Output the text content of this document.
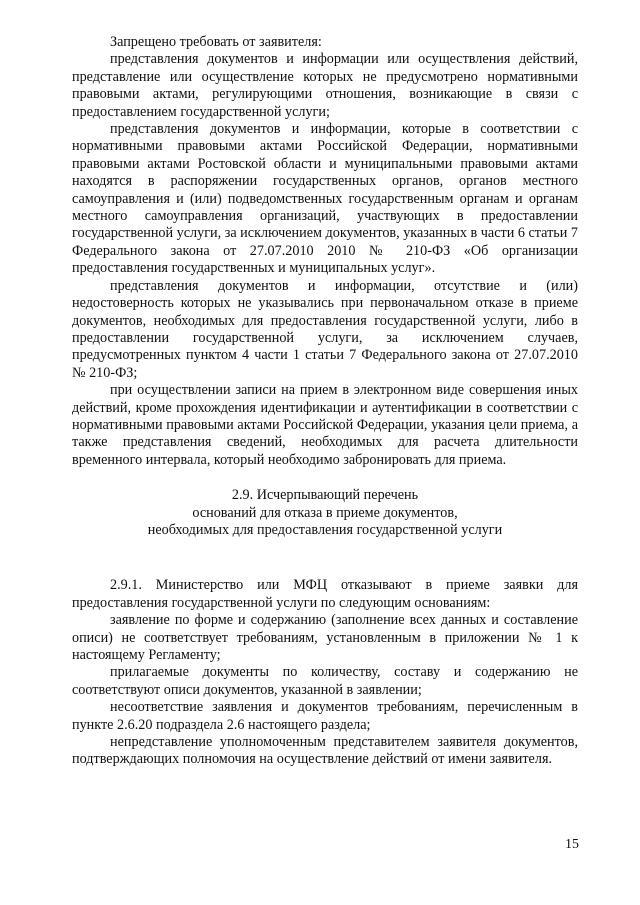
Запрещено требовать от заявителя:

представления документов и информации или осуществления действий, представление или осуществление которых не предусмотрено нормативными правовыми актами, регулирующими отношения, возникающие в связи с предоставлением государственной услуги;

представления документов и информации, которые в соответствии с нормативными правовыми актами Российской Федерации, нормативными правовыми актами Ростовской области и муниципальными правовыми актами находятся в распоряжении государственных органов, органов местного самоуправления и (или) подведомственных государственным органам и органам местного самоуправления организаций, участвующих в предоставлении государственной услуги, за исключением документов, указанных в части 6 статьи 7 Федерального закона от 27.07.2010 2010 № 210-ФЗ «Об организации предоставления государственных и муниципальных услуг».

представления документов и информации, отсутствие и (или) недостоверность которых не указывались при первоначальном отказе в приеме документов, необходимых для предоставления государственной услуги, либо в предоставлении государственной услуги, за исключением случаев, предусмотренных пунктом 4 части 1 статьи 7 Федерального закона от 27.07.2010 № 210-ФЗ;

при осуществлении записи на прием в электронном виде совершения иных действий, кроме прохождения идентификации и аутентификации в соответствии с нормативными правовыми актами Российской Федерации, указания цели приема, а также представления сведений, необходимых для расчета длительности временного интервала, который необходимо забронировать для приема.

2.9. Исчерпывающий перечень
оснований для отказа в приеме документов,
необходимых для предоставления государственной услуги

2.9.1. Министерство или МФЦ отказывают в приеме заявки для предоставления государственной услуги по следующим основаниям:

заявление по форме и содержанию (заполнение всех данных и составление описи) не соответствует требованиям, установленным в приложении № 1 к настоящему Регламенту;

прилагаемые документы по количеству, составу и содержанию не соответствуют описи документов, указанной в заявлении;

несоответствие заявления и документов требованиям, перечисленным в пункте 2.6.20 подраздела 2.6 настоящего раздела;

непредставление уполномоченным представителем заявителя документов, подтверждающих полномочия на осуществление действий от имени заявителя.

15
